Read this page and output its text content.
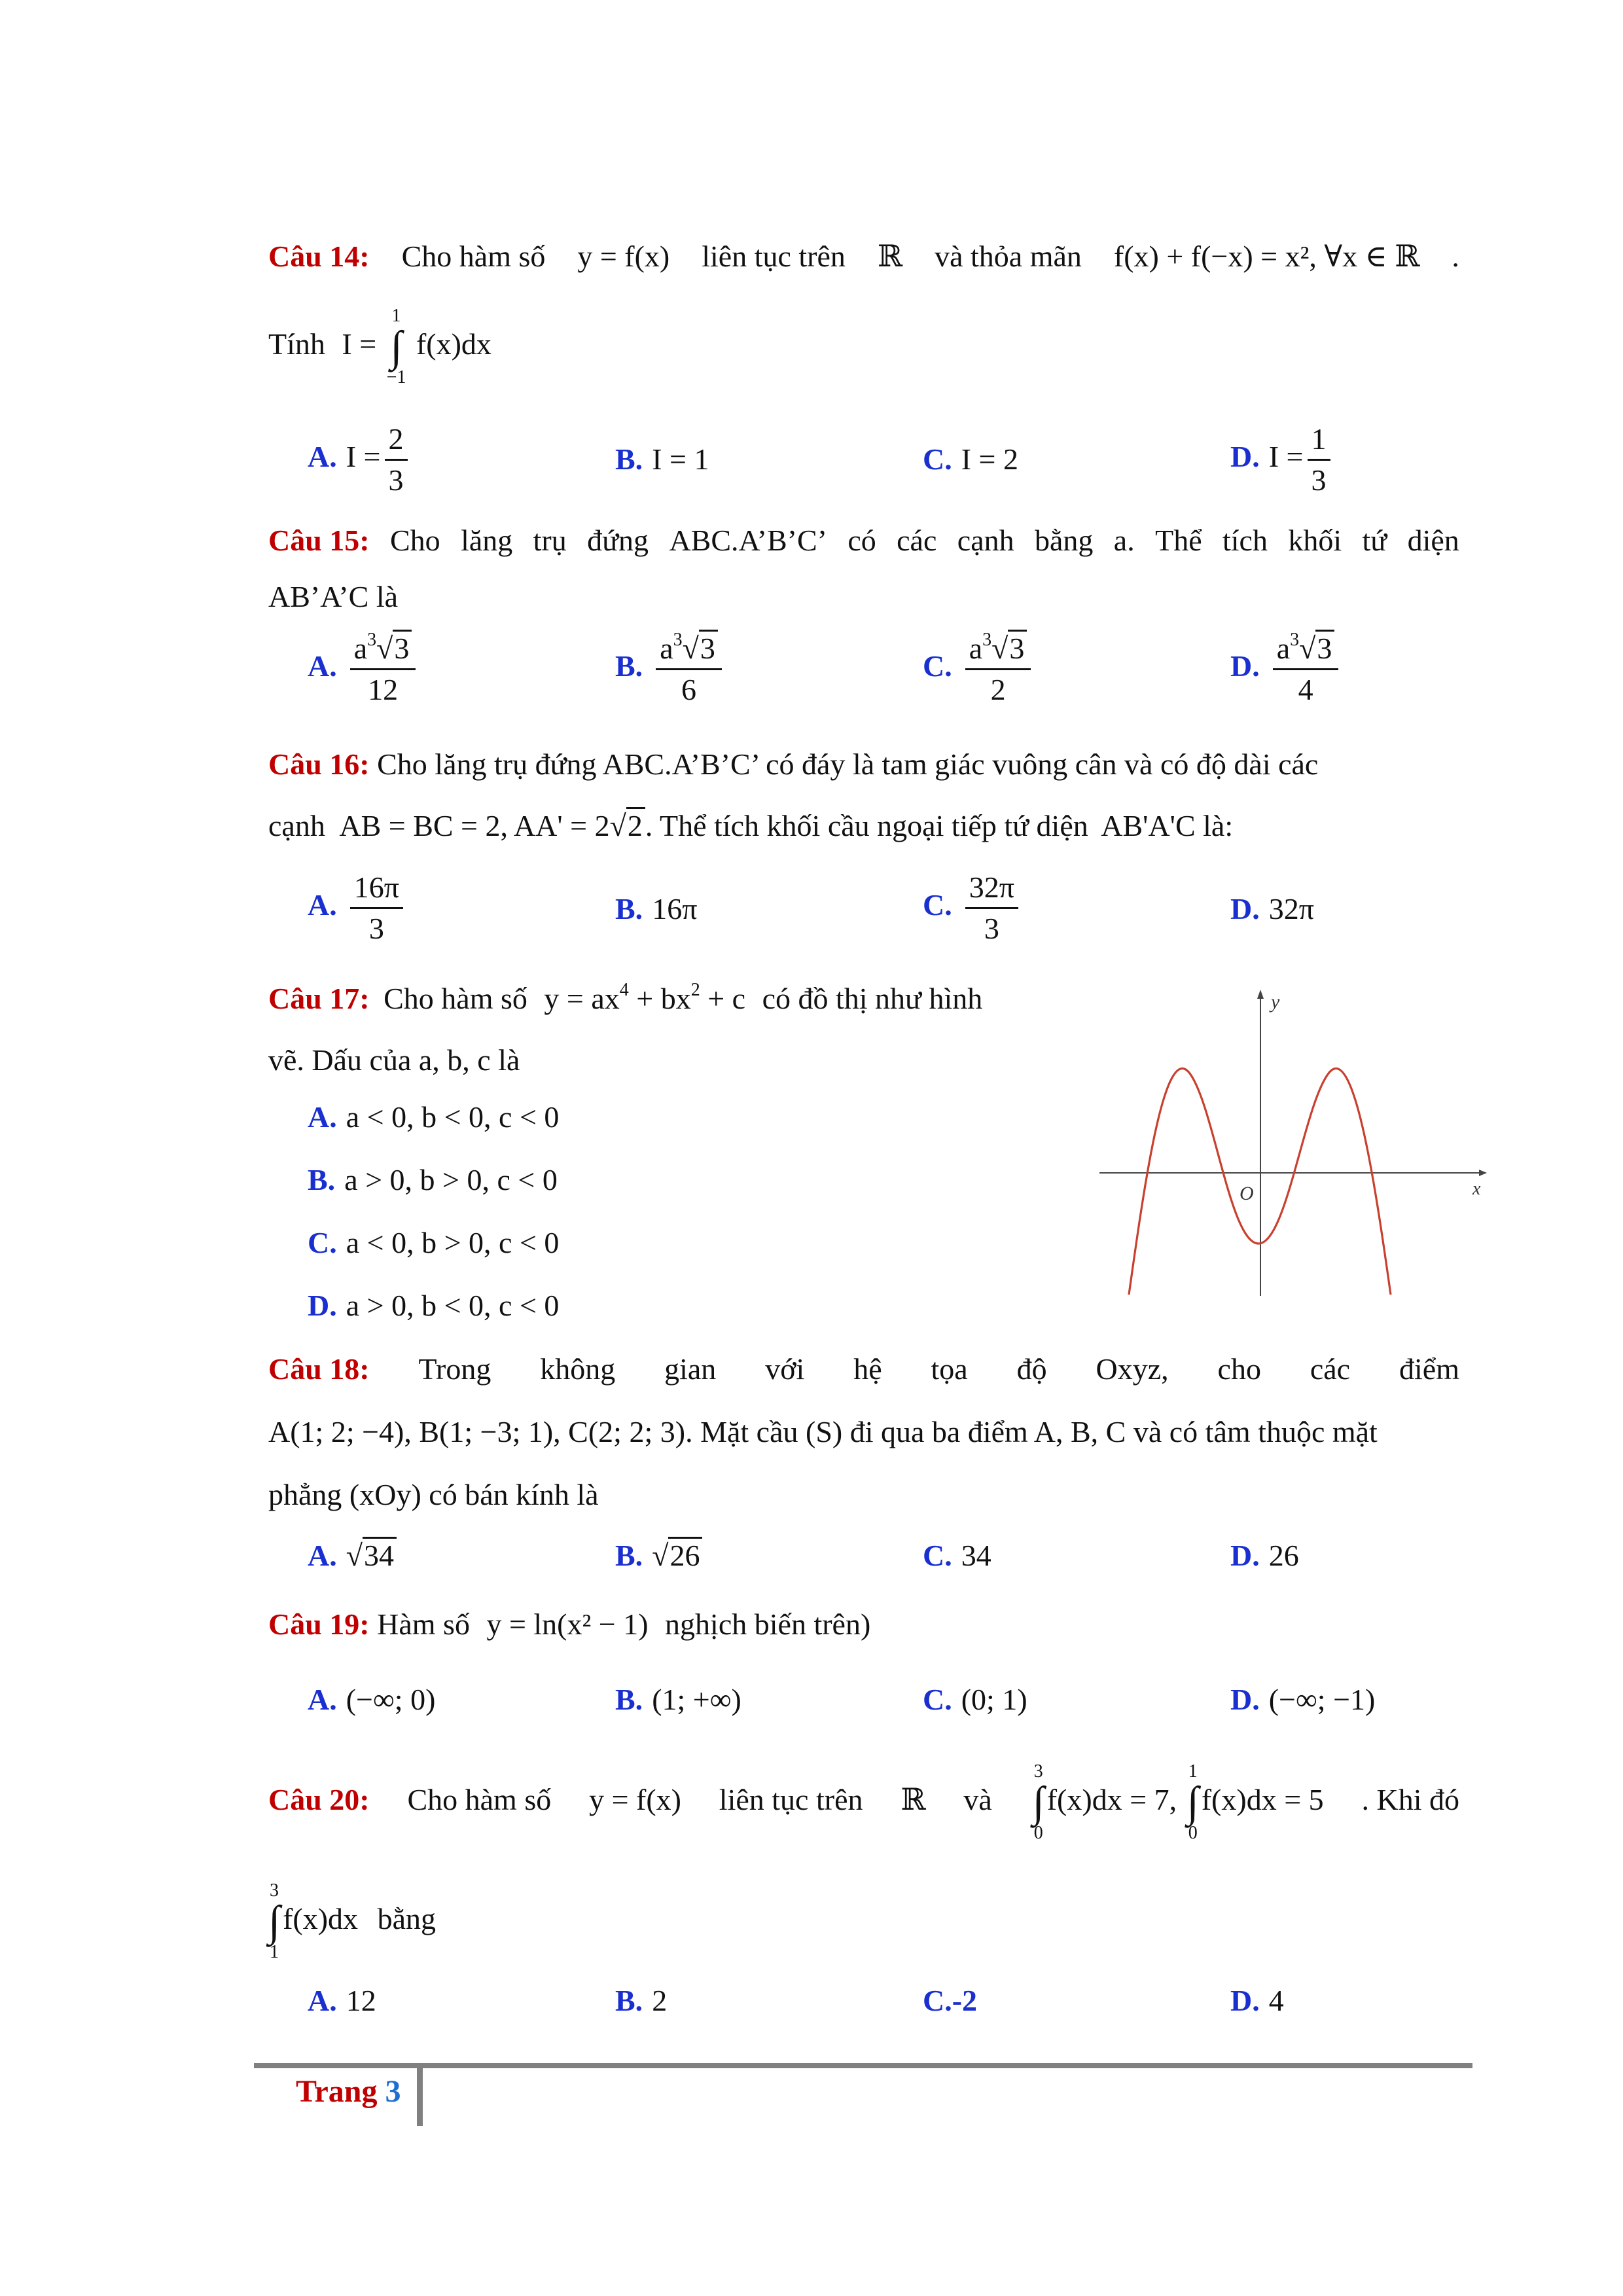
Câu 14: Cho hàm số y = f(x) liên tục trên ℝ và thỏa mãn f(x) + f(−x) = x², ∀x ∈ ℝ .
Tính I =
1
∫
−1
f(x)dx
A. $I = \frac{2}{3}$	B. I = 1	C. I = 2	D. $I = \frac{1}{3}$
Câu 15: Cho lăng trụ đứng ABC.A’B’C’ có các cạnh bằng a. Thể tích khối tứ diện
AB’A’C là
A. $\frac{a^3√3}{12}$	B. $\frac{a^3√3}{6}$	C. $\frac{a^3√3}{2}$	D. $\frac{a^3√3}{4}$
Câu 16: Cho lăng trụ đứng ABC.A’B’C’ có đáy là tam giác vuông cân và có độ dài các
cạnh AB = BC = 2, AA' = 2√2. Thể tích khối cầu ngoại tiếp tứ diện AB'A'C là:
A. $\frac{16\pi}{3}$	B. 16π	C. $\frac{32\pi}{3}$	D. 32π
Câu 17: Cho hàm số $y = ax^4 + bx^2 + c$ có đồ thị như hình
vẽ. Dấu của a, b, c là
A. a < 0, b < 0, c < 0
B. a > 0, b > 0, c < 0
C. a < 0, b > 0, c < 0
D. a > 0, b < 0, c < 0
y
x
O
Câu 18: Trong không gian với hệ tọa độ Oxyz, cho các điểm
A(1; 2; −4), B(1; −3; 1), C(2; 2; 3). Mặt cầu (S) đi qua ba điểm A, B, C và có tâm thuộc mặt
phẳng (xOy) có bán kính là
A. √34	B. √26	C. 34	D. 26
Câu 19: Hàm số y = ln(x² − 1) nghịch biến trên)
A. (−∞; 0)	B. (1; +∞)	C. (0; 1)	D. (−∞; −1)
Câu 20: Cho hàm số y = f(x) liên tục trên ℝ và
3
∫
0
f(x)dx = 7,
1
∫
0
f(x)dx = 5 . Khi đó
3
∫
1
f(x)dx bằng
A. 12	B. 2	C.-2	D. 4
Trang 3
